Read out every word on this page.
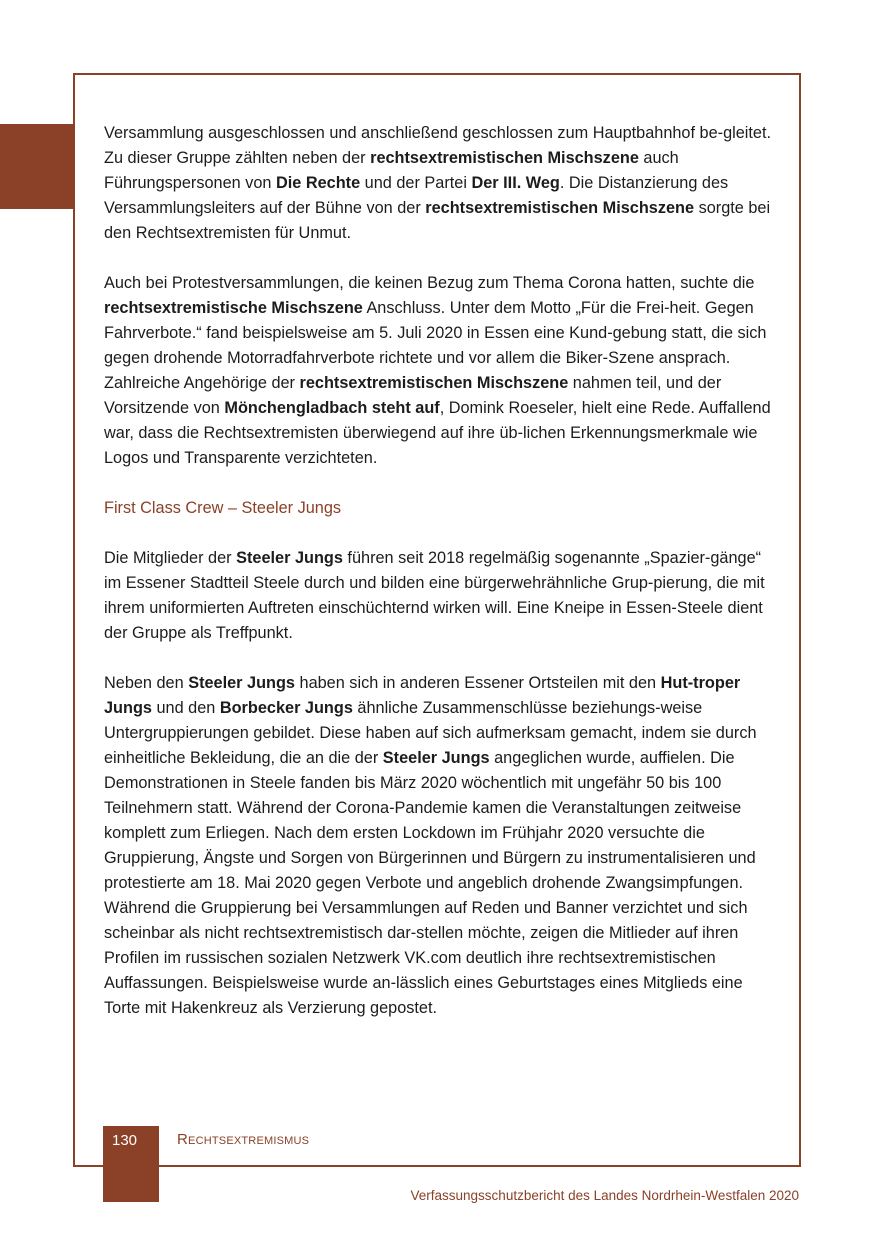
Versammlung ausgeschlossen und anschließend geschlossen zum Hauptbahnhof be-gleitet. Zu dieser Gruppe zählten neben der rechtsextremistischen Mischszene auch Führungspersonen von Die Rechte und der Partei Der III. Weg. Die Distanzierung des Versammlungsleiters auf der Bühne von der rechtsextremistischen Mischszene sorgte bei den Rechtsextremisten für Unmut.

Auch bei Protestversammlungen, die keinen Bezug zum Thema Corona hatten, suchte die rechtsextremistische Mischszene Anschluss. Unter dem Motto „Für die Frei-heit. Gegen Fahrverbote.“ fand beispielsweise am 5. Juli 2020 in Essen eine Kund-gebung statt, die sich gegen drohende Motorradfahrverbote richtete und vor allem die Biker-Szene ansprach. Zahlreiche Angehörige der rechtsextremistischen Mischszene nahmen teil, und der Vorsitzende von Mönchengladbach steht auf, Domink Roeseler, hielt eine Rede. Auffallend war, dass die Rechtsextremisten überwiegend auf ihre üb-lichen Erkennungsmerkmale wie Logos und Transparente verzichteten.

First Class Crew – Steeler Jungs

Die Mitglieder der Steeler Jungs führen seit 2018 regelmäßig sogenannte „Spazier-gänge“ im Essener Stadtteil Steele durch und bilden eine bürgerwehrähnliche Grup-pierung, die mit ihrem uniformierten Auftreten einschüchternd wirken will. Eine Kneipe in Essen-Steele dient der Gruppe als Treffpunkt.

Neben den Steeler Jungs haben sich in anderen Essener Ortsteilen mit den Hut-troper Jungs und den Borbecker Jungs ähnliche Zusammenschlüsse beziehungs-weise Untergruppierungen gebildet. Diese haben auf sich aufmerksam gemacht, indem sie durch einheitliche Bekleidung, die an die der Steeler Jungs angeglichen wurde, auffielen. Die Demonstrationen in Steele fanden bis März 2020 wöchentlich mit ungefähr 50 bis 100 Teilnehmern statt. Während der Corona-Pandemie kamen die Veranstaltungen zeitweise komplett zum Erliegen. Nach dem ersten Lockdown im Frühjahr 2020 versuchte die Gruppierung, Ängste und Sorgen von Bürgerinnen und Bürgern zu instrumentalisieren und protestierte am 18. Mai 2020 gegen Verbote und angeblich drohende Zwangsimpfungen. Während die Gruppierung bei Versammlungen auf Reden und Banner verzichtet und sich scheinbar als nicht rechtsextremistisch dar-stellen möchte, zeigen die Mitlieder auf ihren Profilen im russischen sozialen Netzwerk VK.com deutlich ihre rechtsextremistischen Auffassungen. Beispielsweise wurde an-lässlich eines Geburtstages eines Mitglieds eine Torte mit Hakenkreuz als Verzierung gepostet.

130	Rechtsextremismus
Verfassungsschutzbericht des Landes Nordrhein-Westfalen 2020
